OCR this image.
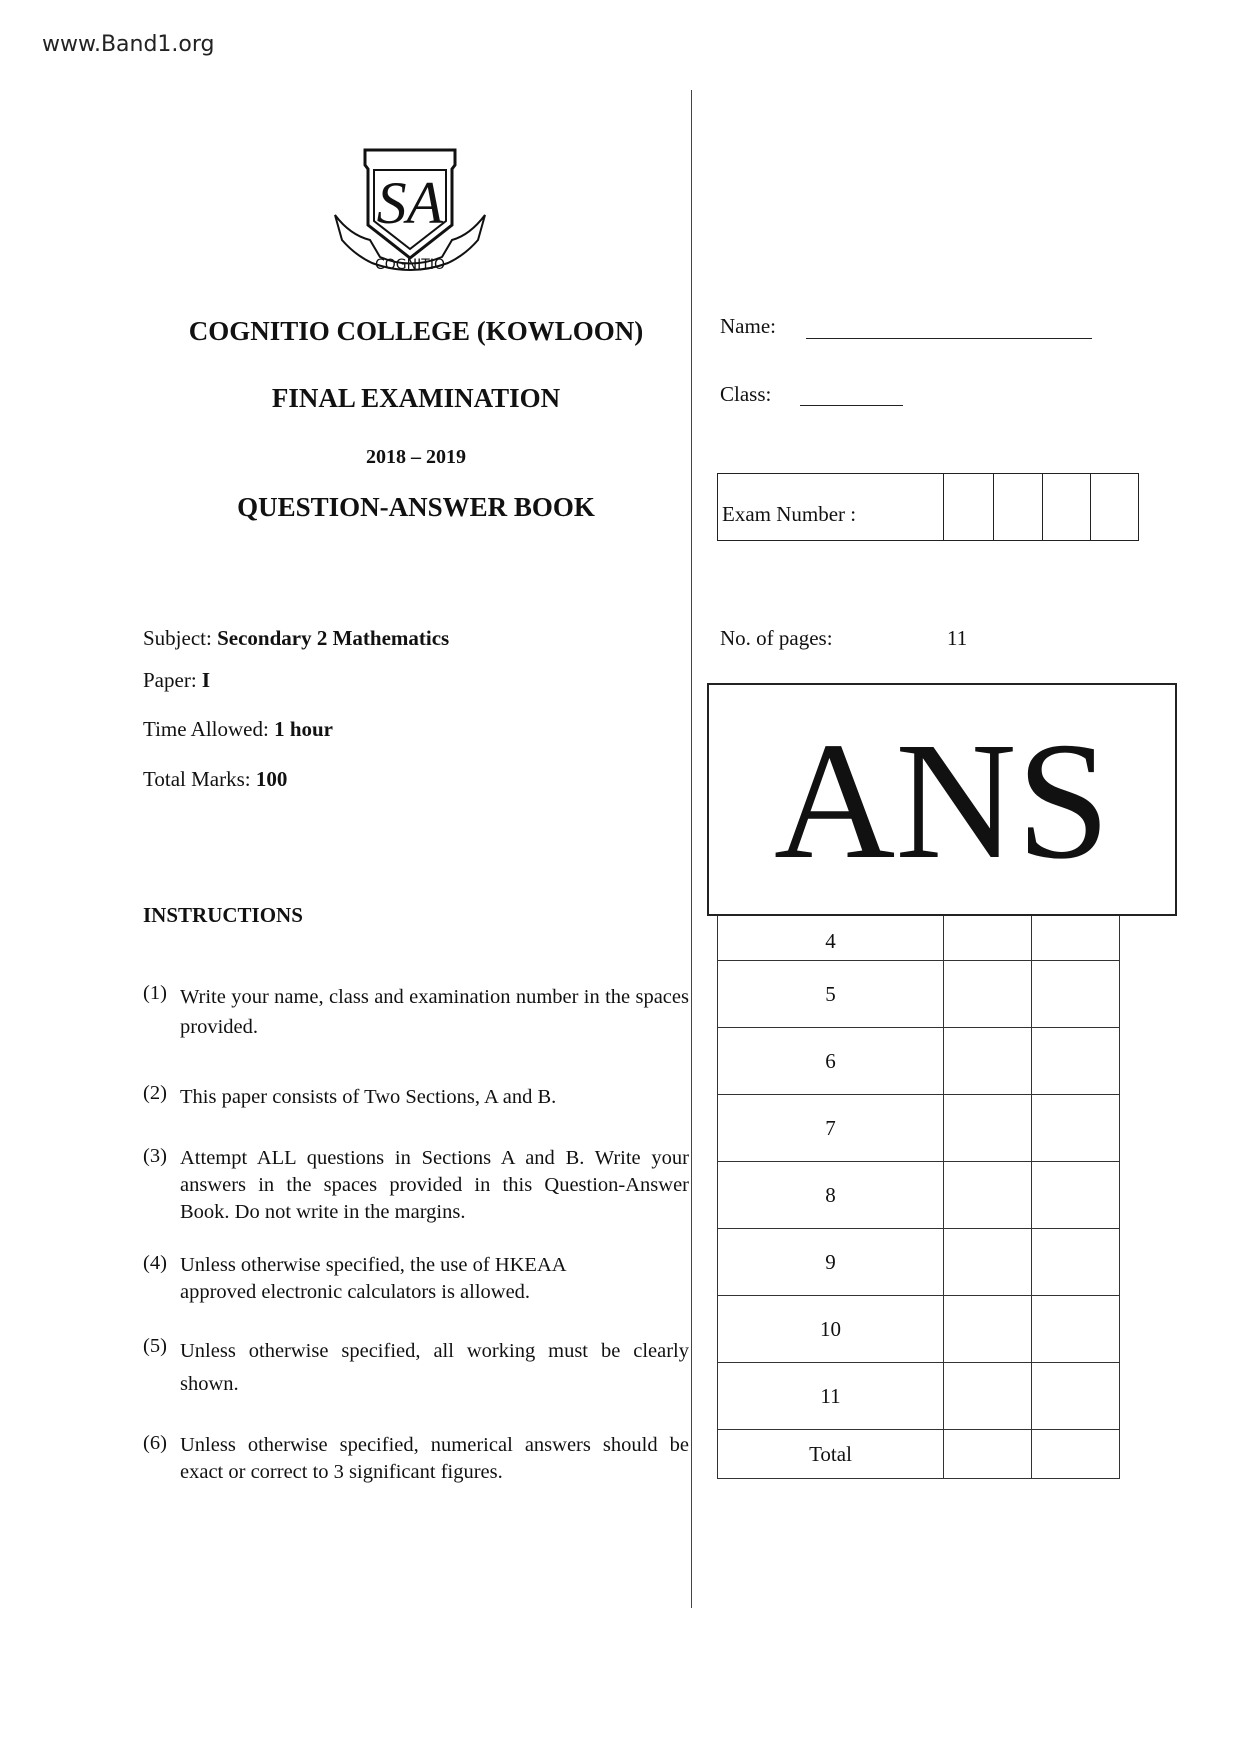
www.Band1.org
SA
COGNITIO
COGNITIO COLLEGE (KOWLOON)
FINAL EXAMINATION
2018 – 2019
QUESTION-ANSWER BOOK
Name:
Class:
Exam Number :
No. of pages:	11
Subject: Secondary 2 Mathematics
Paper: I
Time Allowed: 1 hour
Total Marks: 100
INSTRUCTIONS
(1) Write your name, class and examination number in the spaces provided.
(2) This paper consists of Two Sections, A and B.
(3) Attempt ALL questions in Sections A and B. Write your answers in the spaces provided in this Question-Answer Book. Do not write in the margins.
(4) Unless otherwise specified, the use of HKEAA approved electronic calculators is allowed.
(5) Unless otherwise specified, all working must be clearly shown.
(6) Unless otherwise specified, numerical answers should be exact or correct to 3 significant figures.
4		
5		
6		
7		
8		
9		
10		
11		
Total		
ANS
